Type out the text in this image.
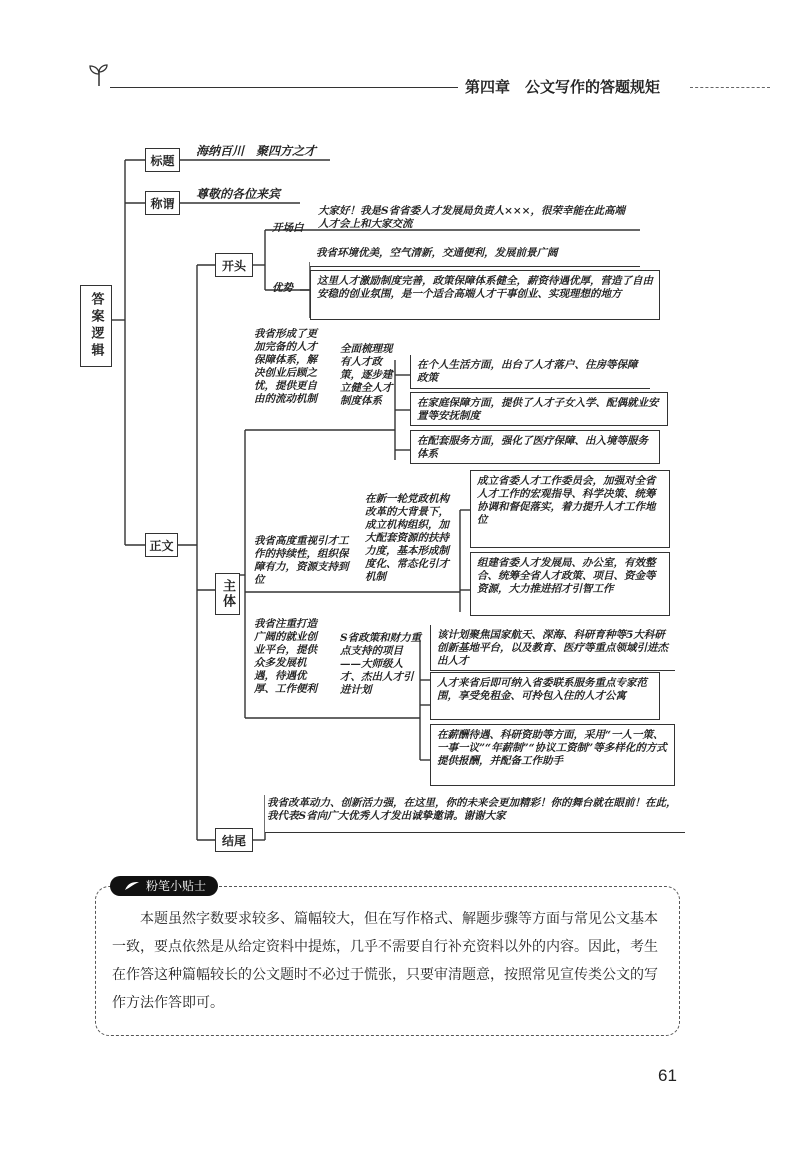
第四章　公文写作的答题规矩
答案逻辑
标题
海纳百川　聚四方之才
称谓
尊敬的各位来宾
正文
开头
开场白
大家好！我是S省省委人才发展局负责人×××，很荣幸能在此高端人才会上和大家交流
优势
我省环境优美，空气清新，交通便利，发展前景广阔
这里人才激励制度完善，政策保障体系健全，薪资待遇优厚，营造了自由安稳的创业氛围，是一个适合高端人才干事创业、实现理想的地方
主体
我省形成了更加完备的人才保障体系，解决创业后顾之忧，提供更自由的流动机制
全面梳理现有人才政策，逐步建立健全人才制度体系
在个人生活方面，出台了人才落户、住房等保障政策
在家庭保障方面，提供了人才子女入学、配偶就业安置等安抚制度
在配套服务方面，强化了医疗保障、出入境等服务体系
我省高度重视引才工作的持续性，组织保障有力，资源支持到位
在新一轮党政机构改革的大背景下，成立机构组织，加大配套资源的扶持力度，基本形成制度化、常态化引才机制
成立省委人才工作委员会，加强对全省人才工作的宏观指导、科学决策、统筹协调和督促落实，着力提升人才工作地位
组建省委人才发展局、办公室，有效整合、统筹全省人才政策、项目、资金等资源，大力推进招才引智工作
我省注重打造广阔的就业创业平台，提供众多发展机遇，待遇优厚、工作便利
S省政策和财力重点支持的项目——大师级人才、杰出人才引进计划
该计划聚焦国家航天、深海、科研育种等5大科研创新基地平台，以及教育、医疗等重点领域引进杰出人才
人才来省后即可纳入省委联系服务重点专家范围，享受免租金、可拎包入住的人才公寓
在薪酬待遇、科研资助等方面，采用“一人一策、一事一议”“年薪制”“协议工资制”等多样化的方式提供报酬，并配备工作助手
结尾
我省改革动力、创新活力强，在这里，你的未来会更加精彩！你的舞台就在眼前！在此，我代表S省向广大优秀人才发出诚挚邀请。谢谢大家
粉笔小贴士
本题虽然字数要求较多、篇幅较大，但在写作格式、解题步骤等方面与常见公文基本一致，要点依然是从给定资料中提炼，几乎不需要自行补充资料以外的内容。因此，考生在作答这种篇幅较长的公文题时不必过于慌张，只要审清题意，按照常见宣传类公文的写作方法作答即可。
61
